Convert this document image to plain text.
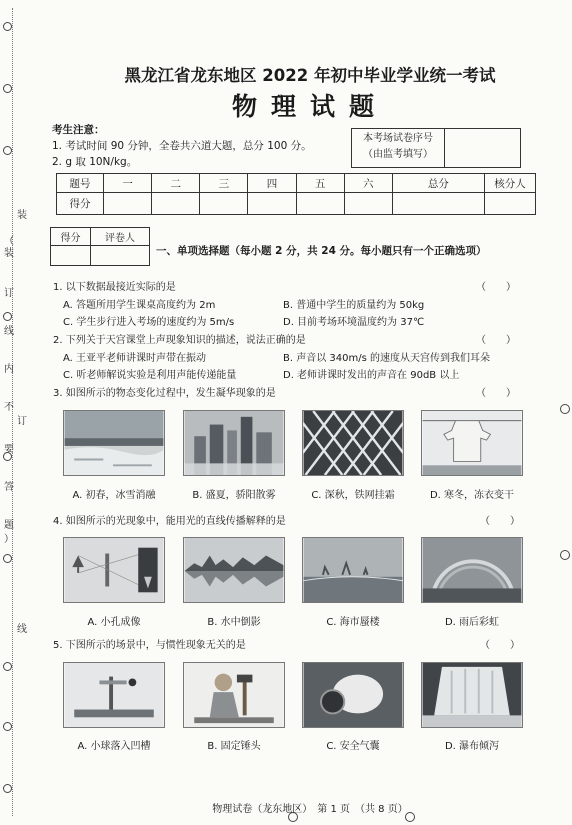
装
（
装
订
线
内
不
订
要
答
题
）
线
黑龙江省龙东地区 2022 年初中毕业学业统一考试
物理试题
考生注意：
1. 考试时间 90 分钟，全卷共六道大题，总分 100 分。
2. g 取 10N/kg。
本考场试卷序号
（由监考填写）
题号	一	二	三	四	五	六	总分	核分人
得分								
得分	评卷人

一、单项选择题（每小题 2 分，共 24 分。每小题只有一个正确选项）
1. 以下数据最接近实际的是	（　　）
A. 答题所用学生课桌高度约为 2m	B. 普通中学生的质量约为 50kg
C. 学生步行进入考场的速度约为 5m/s	D. 目前考场环境温度约为 37℃
2. 下列关于天宫课堂上声现象知识的描述，说法正确的是	（　　）
A. 王亚平老师讲课时声带在振动	B. 声音以 340m/s 的速度从天宫传到我们耳朵
C. 听老师解说实验是利用声能传递能量	D. 老师讲课时发出的声音在 90dB 以上
3. 如图所示的物态变化过程中，发生凝华现象的是	（　　）
A. 初春，冰雪消融	B. 盛夏，骄阳散雾	C. 深秋，铁网挂霜	D. 寒冬，冻衣变干
4. 如图所示的光现象中，能用光的直线传播解释的是	（　　）
A. 小孔成像	B. 水中倒影	C. 海市蜃楼	D. 雨后彩虹
5. 下图所示的场景中，与惯性现象无关的是	（　　）
A. 小球落入凹槽	B. 固定锤头	C. 安全气囊	D. 瀑布倾泻
物理试卷（龙东地区）　第 1 页　（共 8 页）
